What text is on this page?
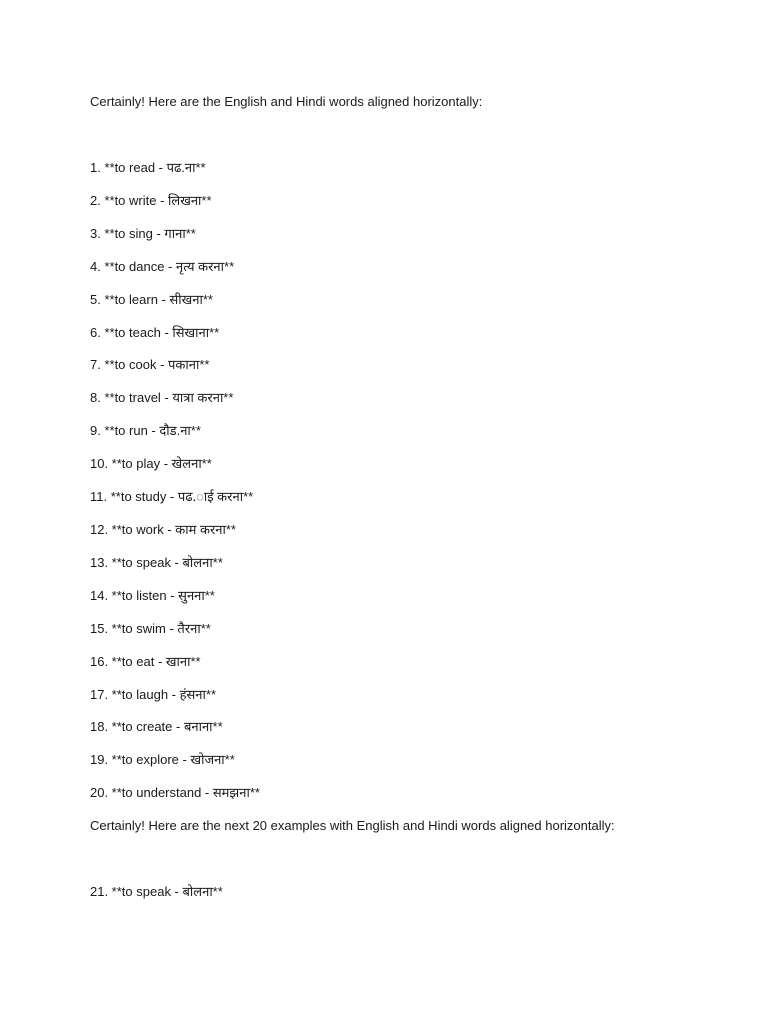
Certainly! Here are the English and Hindi words aligned horizontally:
1. **to read - पढ.ना**
2. **to write - लिखना**
3. **to sing - गाना**
4. **to dance - नृत्य करना**
5. **to learn - सीखना**
6. **to teach - सिखाना**
7. **to cook - पकाना**
8. **to travel - यात्रा करना**
9. **to run - दौड.ना**
10. **to play - खेलना**
11. **to study - पढ.ाई करना**
12. **to work - काम करना**
13. **to speak - बोलना**
14. **to listen - सुनना**
15. **to swim - तैरना**
16. **to eat - खाना**
17. **to laugh - हंसना**
18. **to create - बनाना**
19. **to explore - खोजना**
20. **to understand - समझना**
Certainly! Here are the next 20 examples with English and Hindi words aligned horizontally:
21. **to speak - बोलना**
